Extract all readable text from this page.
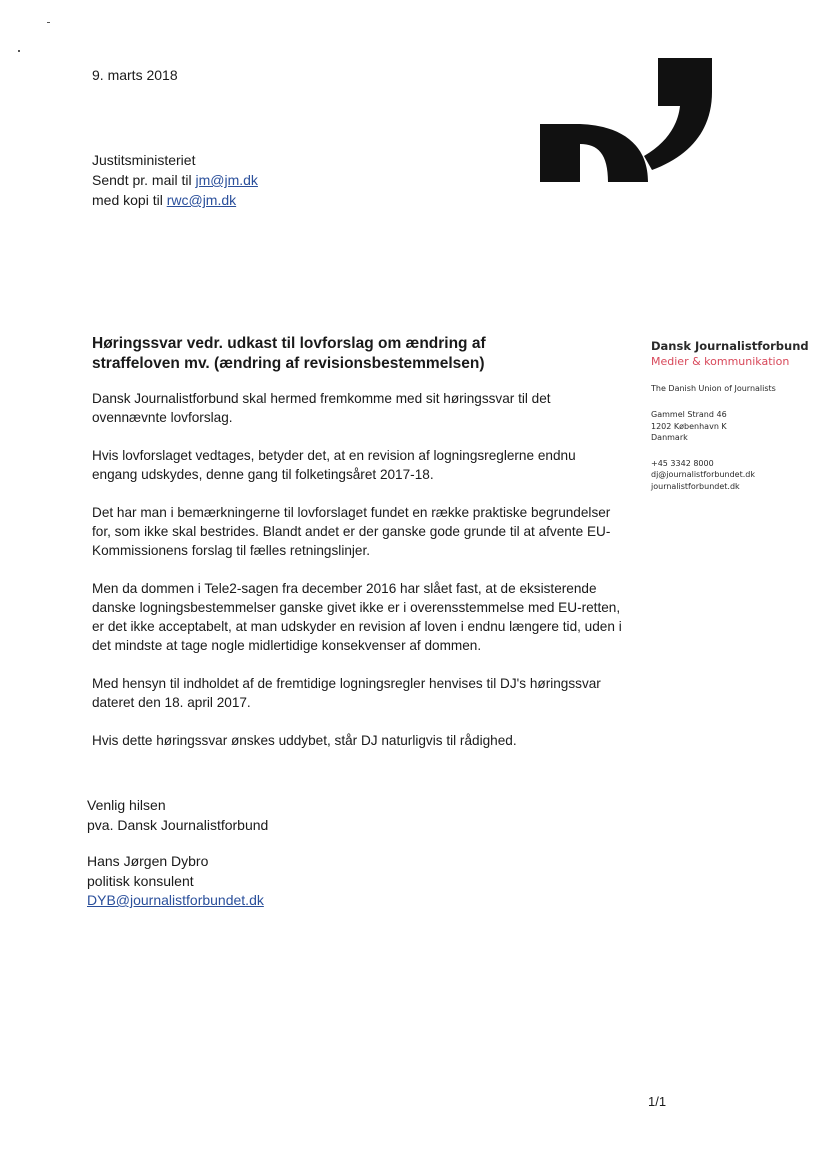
9. marts 2018
Justitsministeriet
Sendt pr. mail til jm@jm.dk
med kopi til rwc@jm.dk
Dansk Journalistforbund
Medier & kommunikation
The Danish Union of Journalists
Gammel Strand 46
1202 København K
Danmark
+45 3342 8000
dj@journalistforbundet.dk
journalistforbundet.dk
Høringssvar vedr. udkast til lovforslag om ændring af
straffeloven mv. (ændring af revisionsbestemmelsen)

Dansk Journalistforbund skal hermed fremkomme med sit høringssvar til det ovennævnte lovforslag.

Hvis lovforslaget vedtages, betyder det, at en revision af logningsreglerne endnu engang udskydes, denne gang til folketingsåret 2017-18.

Det har man i bemærkningerne til lovforslaget fundet en række praktiske begrundelser for, som ikke skal bestrides. Blandt andet er der ganske gode grunde til at afvente EU-Kommissionens forslag til fælles retningslinjer.

Men da dommen i Tele2-sagen fra december 2016 har slået fast, at de eksisterende danske logningsbestemmelser ganske givet ikke er i overensstemmelse med EU-retten, er det ikke acceptabelt, at man udskyder en revision af loven i endnu længere tid, uden i det mindste at tage nogle midlertidige konsekvenser af dommen.

Med hensyn til indholdet af de fremtidige logningsregler henvises til DJ's høringssvar dateret den 18. april 2017.

Hvis dette høringssvar ønskes uddybet, står DJ naturligvis til rådighed.

Venlig hilsen
pva. Dansk Journalistforbund
Hans Jørgen Dybro
politisk konsulent
DYB@journalistforbundet.dk
1/1
